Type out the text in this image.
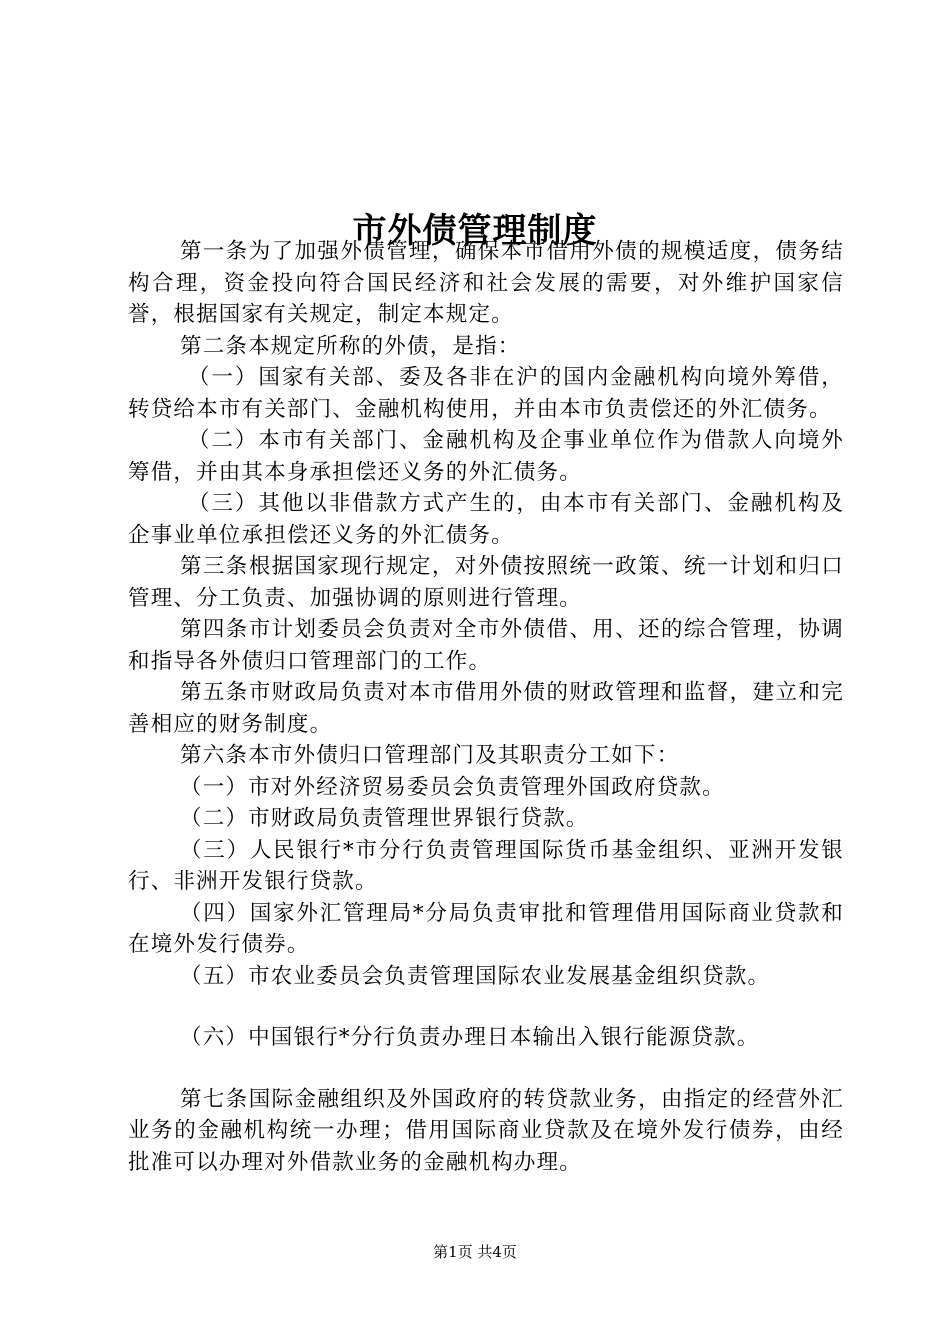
市外债管理制度

第一条为了加强外债管理，确保本市借用外债的规模适度，债务结构合理，资金投向符合国民经济和社会发展的需要，对外维护国家信誉，根据国家有关规定，制定本规定。

第二条本规定所称的外债，是指：

（一）国家有关部、委及各非在沪的国内金融机构向境外筹借，转贷给本市有关部门、金融机构使用，并由本市负责偿还的外汇债务。

（二）本市有关部门、金融机构及企事业单位作为借款人向境外筹借，并由其本身承担偿还义务的外汇债务。

（三）其他以非借款方式产生的，由本市有关部门、金融机构及企事业单位承担偿还义务的外汇债务。

第三条根据国家现行规定，对外债按照统一政策、统一计划和归口管理、分工负责、加强协调的原则进行管理。

第四条市计划委员会负责对全市外债借、用、还的综合管理，协调和指导各外债归口管理部门的工作。

第五条市财政局负责对本市借用外债的财政管理和监督，建立和完善相应的财务制度。

第六条本市外债归口管理部门及其职责分工如下：

（一）市对外经济贸易委员会负责管理外国政府贷款。

（二）市财政局负责管理世界银行贷款。

（三）人民银行*市分行负责管理国际货币基金组织、亚洲开发银行、非洲开发银行贷款。

（四）国家外汇管理局*分局负责审批和管理借用国际商业贷款和在境外发行债券。

（五）市农业委员会负责管理国际农业发展基金组织贷款。

（六）中国银行*分行负责办理日本输出入银行能源贷款。

第七条国际金融组织及外国政府的转贷款业务，由指定的经营外汇业务的金融机构统一办理；借用国际商业贷款及在境外发行债券，由经批准可以办理对外借款业务的金融机构办理。

第1页 共4页
